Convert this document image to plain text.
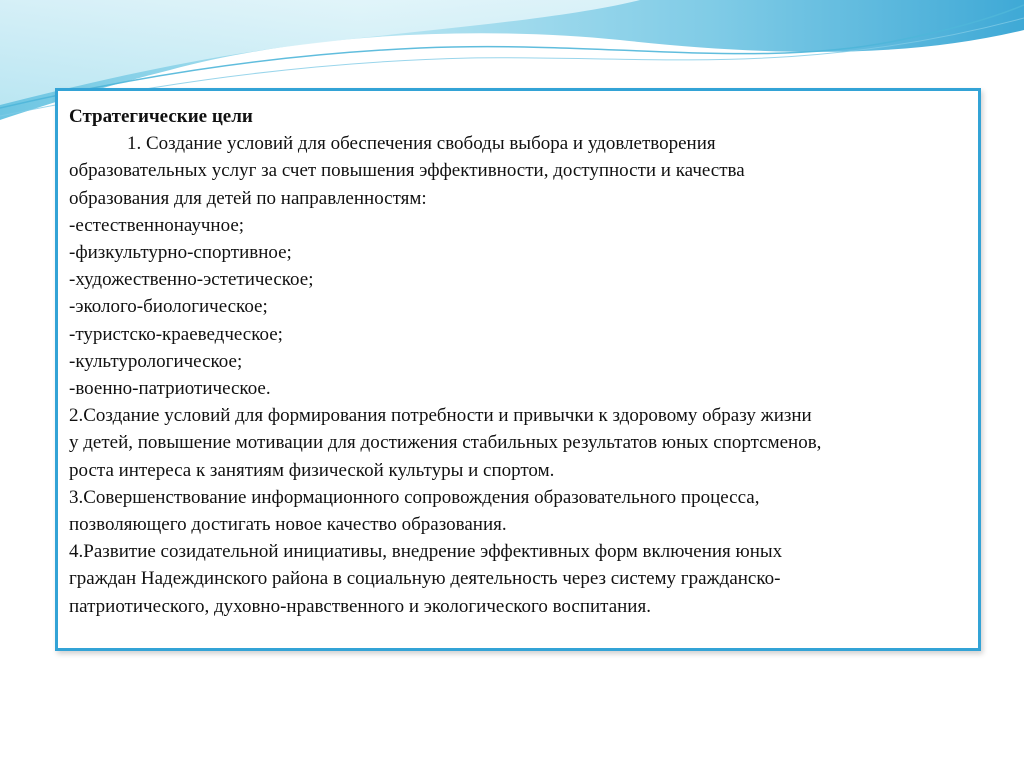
Стратегические цели
1. Создание условий для обеспечения свободы выбора и удовлетворения
образовательных услуг за счет повышения эффективности, доступности и качества
образования для детей по направленностям:
-естественнонаучное;
-физкультурно-спортивное;
-художественно-эстетическое;
-эколого-биологическое;
-туристско-краеведческое;
-культурологическое;
-военно-патриотическое.
2.Создание условий для формирования потребности и привычки к здоровому образу жизни
у детей, повышение мотивации для достижения стабильных результатов юных спортсменов,
роста интереса к занятиям физической культуры и спортом.
3.Совершенствование информационного сопровождения образовательного процесса,
позволяющего достигать новое качество образования.
4.Развитие созидательной инициативы, внедрение эффективных форм включения юных
граждан Надеждинского района в социальную деятельность через систему гражданско-
патриотического, духовно-нравственного и экологического воспитания.
